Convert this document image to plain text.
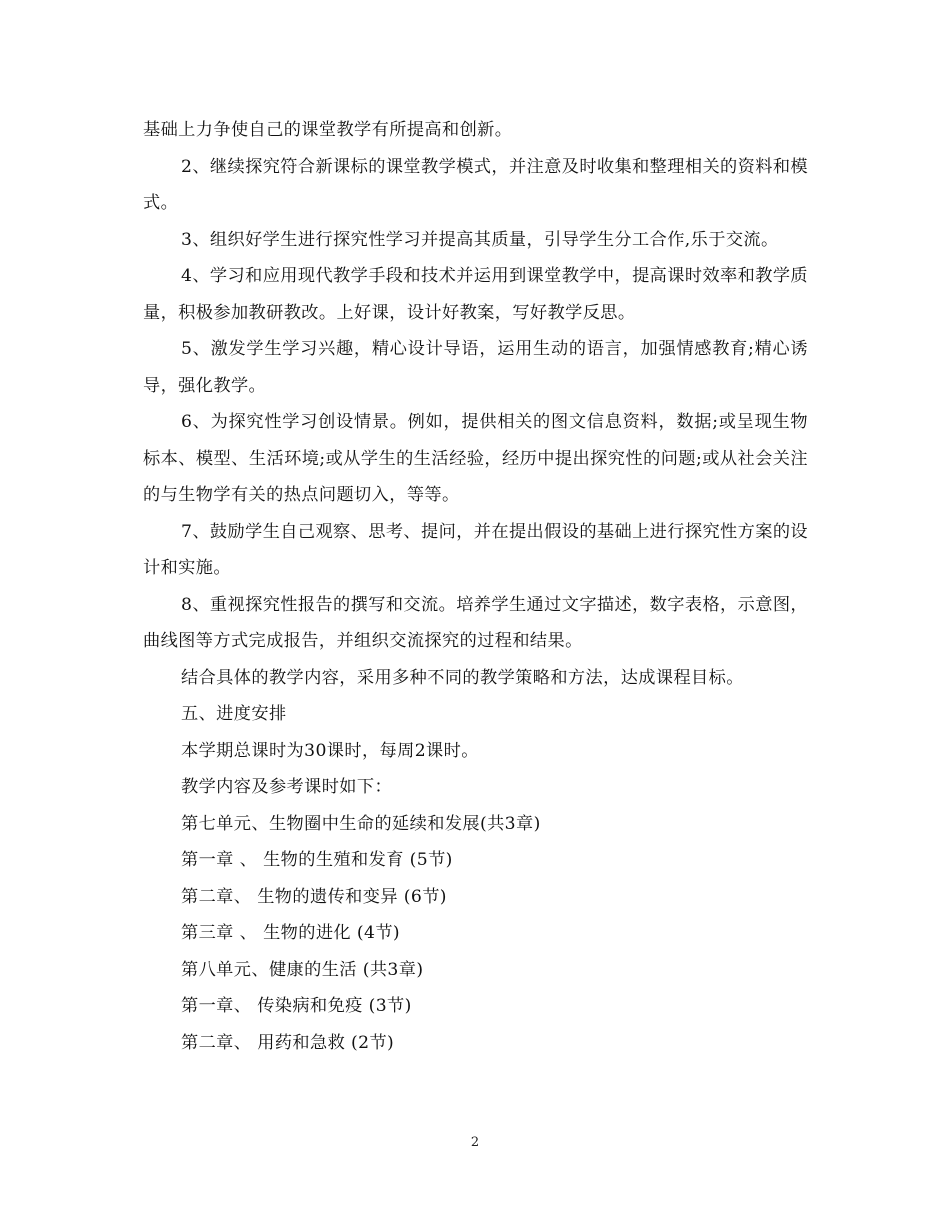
基础上力争使自己的课堂教学有所提高和创新。

2、继续探究符合新课标的课堂教学模式，并注意及时收集和整理相关的资料和模式。

3、组织好学生进行探究性学习并提高其质量，引导学生分工合作,乐于交流。

4、学习和应用现代教学手段和技术并运用到课堂教学中，提高课时效率和教学质量，积极参加教研教改。上好课，设计好教案，写好教学反思。

5、激发学生学习兴趣，精心设计导语，运用生动的语言，加强情感教育;精心诱导，强化教学。

6、为探究性学习创设情景。例如，提供相关的图文信息资料，数据;或呈现生物标本、模型、生活环境;或从学生的生活经验，经历中提出探究性的问题;或从社会关注的与生物学有关的热点问题切入，等等。

7、鼓励学生自己观察、思考、提问，并在提出假设的基础上进行探究性方案的设计和实施。

8、重视探究性报告的撰写和交流。培养学生通过文字描述，数字表格，示意图，曲线图等方式完成报告，并组织交流探究的过程和结果。

结合具体的教学内容，采用多种不同的教学策略和方法，达成课程目标。

五、进度安排

本学期总课时为30课时，每周2课时。

教学内容及参考课时如下：

第七单元、生物圈中生命的延续和发展(共3章)

第一章 、 生物的生殖和发育 (5节)

第二章、 生物的遗传和变异 (6节)

第三章 、 生物的进化 (4节)

第八单元、健康的生活 (共3章)

第一章、 传染病和免疫 (3节)

第二章、 用药和急救 (2节)

2
